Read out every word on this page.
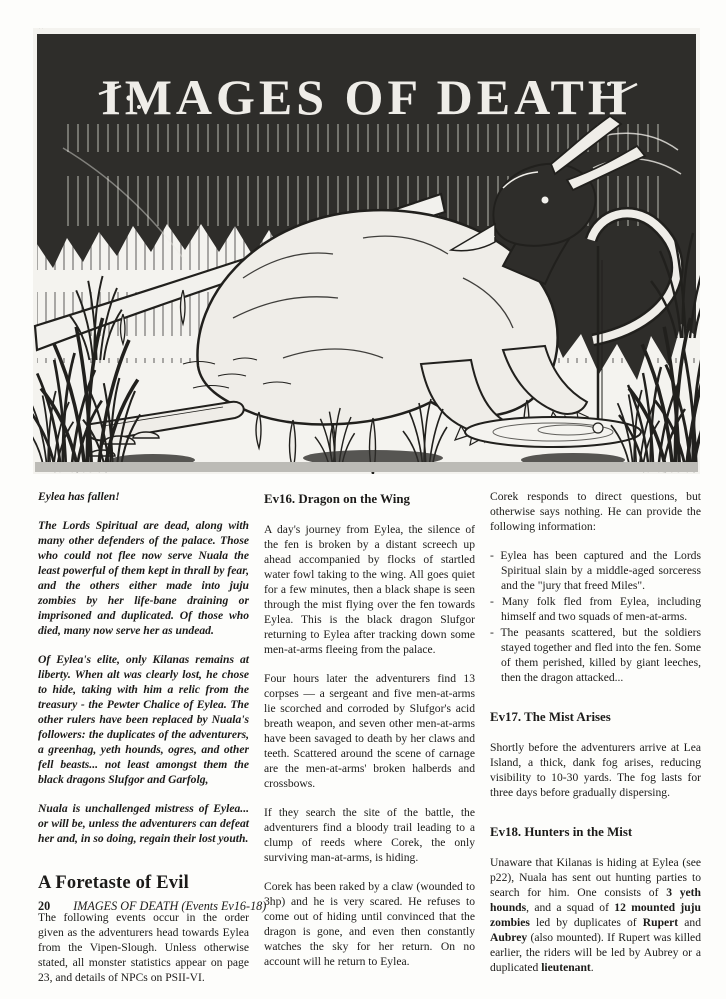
IMAGES OF DEATH

Eylea has fallen!

The Lords Spiritual are dead, along with many other defenders of the palace. Those who could not flee now serve Nuala the least powerful of them kept in thrall by fear, and the others either made into juju zombies by her life-bane draining or imprisoned and duplicated. Of those who died, many now serve her as undead.

Of Eylea's elite, only Kilanas remains at liberty. When alt was clearly lost, he chose to hide, taking with him a relic from the treasury - the Pewter Chalice of Eylea. The other rulers have been replaced by Nuala's followers: the duplicates of the adventurers, a greenhag, yeth hounds, ogres, and other fell beasts... not least amongst them the black dragons Slufgor and Garfolg,

Nuala is unchallenged mistress of Eylea... or will be, unless the adventurers can defeat her and, in so doing, regain their lost youth.

A Foretaste of Evil

The following events occur in the order given as the adventurers head towards Eylea from the Vipen-Slough. Unless otherwise stated, all monster statistics appear on page 23, and details of NPCs on PSII-VI.

Ev16. Dragon on the Wing

A day's journey from Eylea, the silence of the fen is broken by a distant screech up ahead accompanied by flocks of startled water fowl taking to the wing. All goes quiet for a few minutes, then a black shape is seen through the mist flying over the fen towards Eylea. This is the black dragon Slufgor returning to Eylea after tracking down some men-at-arms fleeing from the palace.

Four hours later the adventurers find 13 corpses — a sergeant and five men-at-arms lie scorched and corroded by Slufgor's acid breath weapon, and seven other men-at-arms have been savaged to death by her claws and teeth. Scattered around the scene of carnage are the men-at-arms' broken halberds and crossbows.

If they search the site of the battle, the adventurers find a bloody trail leading to a clump of reeds where Corek, the only surviving man-at-arms, is hiding.

Corek has been raked by a claw (wounded to 3hp) and he is very scared. He refuses to come out of hiding until convinced that the dragon is gone, and even then constantly watches the sky for her return. On no account will he return to Eylea.

Corek responds to direct questions, but otherwise says nothing. He can provide the following information:

- Eylea has been captured and the Lords Spiritual slain by a middle-aged sorceress and the "jury that freed Miles".
- Many folk fled from Eylea, including himself and two squads of men-at-arms.
- The peasants scattered, but the soldiers stayed together and fled into the fen. Some of them perished, killed by giant leeches, then the dragon attacked...
Ev17. The Mist Arises

Shortly before the adventurers arrive at Lea Island, a thick, dank fog arises, reducing visibility to 10-30 yards. The fog lasts for three days before gradually dispersing.

Ev18. Hunters in the Mist

Unaware that Kilanas is hiding at Eylea (see p22), Nuala has sent out hunting parties to search for him. One consists of 3 yeth hounds, and a squad of 12 mounted juju zombies led by duplicates of Rupert and Aubrey (also mounted). If Rupert was killed earlier, the riders will be led by Aubrey or a duplicated lieutenant.

20 IMAGES OF DEATH (Events Ev16-18)
